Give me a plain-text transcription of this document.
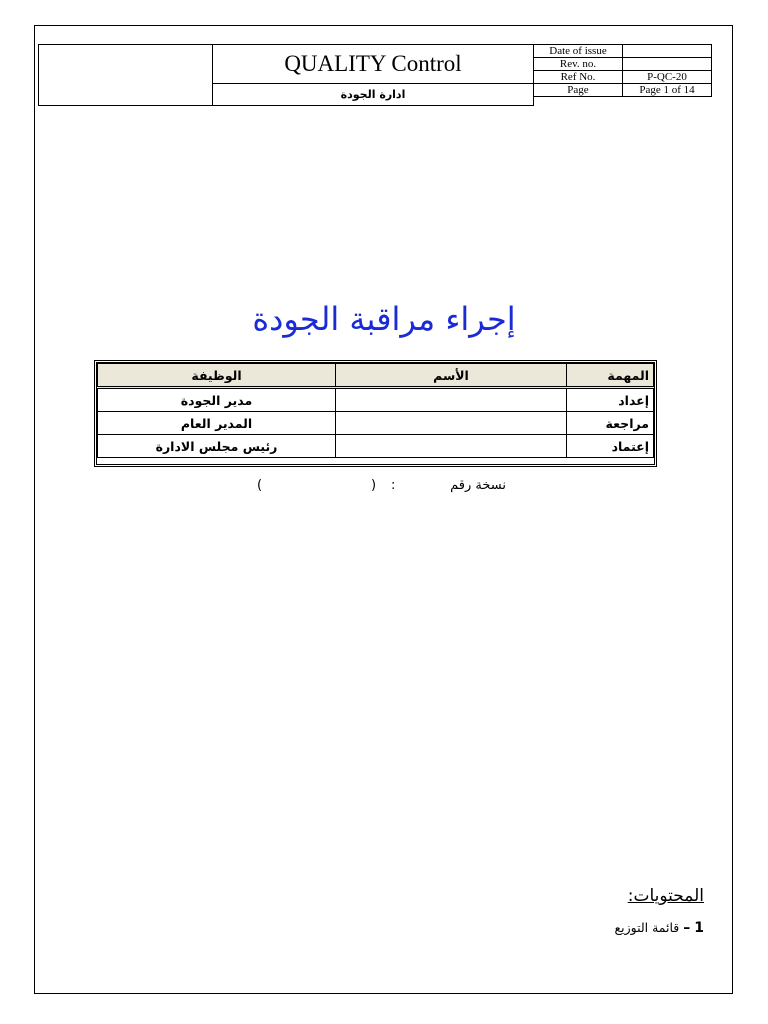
QUALITY Control
ادارة الجودة
Date of issue	
Rev. no.	
Ref No.	P-QC-20
Page	Page 1 of 14
إجراء مراقبة الجودة
المهمة	الأسم	الوظيفة
إعداد		مدير الجودة
مراجعة		المدير العام
إعتماد		رئيس مجلس الادارة
نسخة رقم
:
(
)
المحتويات:
1 – قائمة التوزيع
